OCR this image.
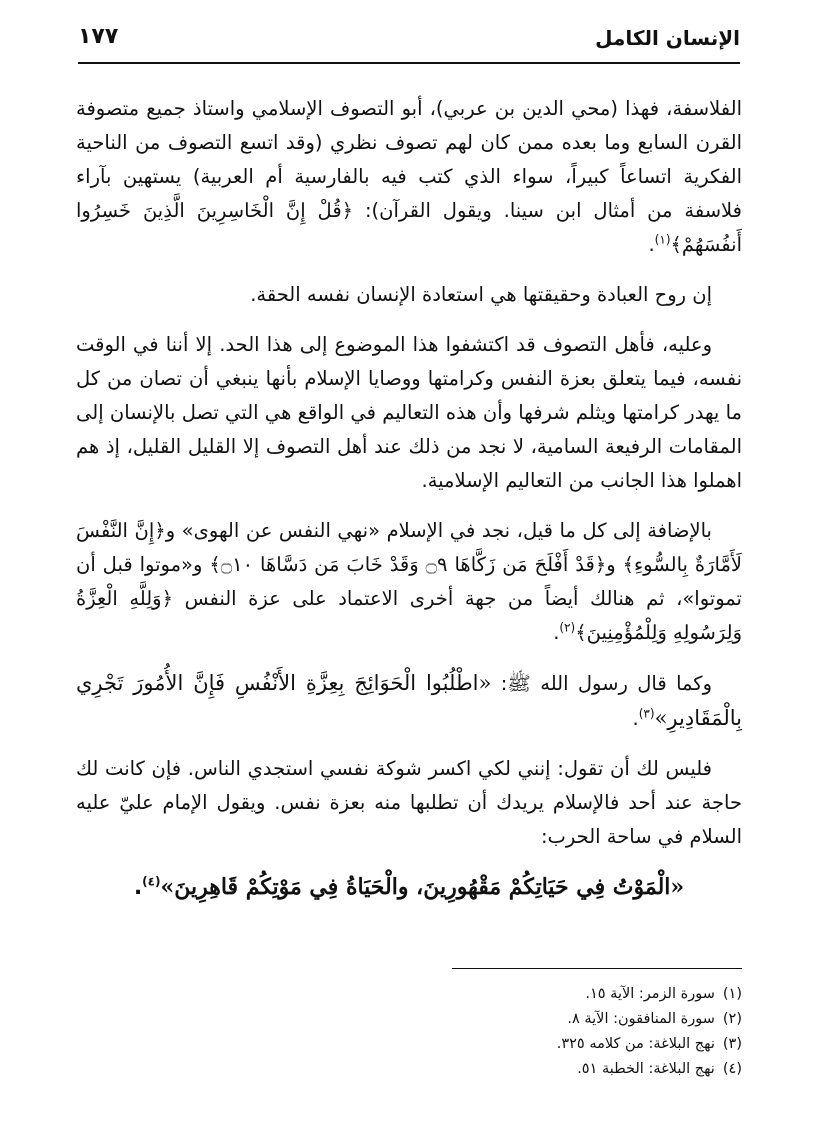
الإنسان الكامل
١٧٧

الفلاسفة، فهذا (محي الدين بن عربي)، أبو التصوف الإسلامي واستاذ جميع متصوفة القرن السابع وما بعده ممن كان لهم تصوف نظري (وقد اتسع التصوف من الناحية الفكرية اتساعاً كبيراً، سواء الذي كتب فيه بالفارسية أم العربية) يستهين بآراء فلاسفة من أمثال ابن سينا. ويقول القرآن): ﴿قُلْ إِنَّ الْخَاسِرِينَ الَّذِينَ خَسِرُوا أَنفُسَهُمْ﴾$^{(١)}$.

إن روح العبادة وحقيقتها هي استعادة الإنسان نفسه الحقة.

وعليه، فأهل التصوف قد اكتشفوا هذا الموضوع إلى هذا الحد. إلا أننا في الوقت نفسه، فيما يتعلق بعزة النفس وكرامتها ووصايا الإسلام بأنها ينبغي أن تصان من كل ما يهدر كرامتها ويثلم شرفها وأن هذه التعاليم في الواقع هي التي تصل بالإنسان إلى المقامات الرفيعة السامية، لا نجد من ذلك عند أهل التصوف إلا القليل القليل، إذ هم اهملوا هذا الجانب من التعاليم الإسلامية.

بالإضافة إلى كل ما قيل، نجد في الإسلام «نهي النفس عن الهوى» و﴿إِنَّ النَّفْسَ لَأَمَّارَةٌ بِالسُّوءِ﴾ و﴿قَدْ أَفْلَحَ مَن زَكَّاهَا ۝٩ وَقَدْ خَابَ مَن دَسَّاهَا ۝١٠﴾ و«موتوا قبل أن تموتوا»، ثم هنالك أيضاً من جهة أخرى الاعتماد على عزة النفس ﴿وَلِلَّهِ الْعِزَّةُ وَلِرَسُولِهِ وَلِلْمُؤْمِنِينَ﴾$^{(٢)}$.

وكما قال رسول الله ﷺ: «اطْلُبُوا الْحَوَائِجَ بِعِزَّةِ الأَنْفُسِ فَإِنَّ الأُمُورَ تَجْرِي بِالْمَقَادِيرِ»$^{(٣)}$.

فليس لك أن تقول: إنني لكي اكسر شوكة نفسي استجدي الناس. فإن كانت لك حاجة عند أحد فالإسلام يريدك أن تطلبها منه بعزة نفس. ويقول الإمام عليّ عليه السلام في ساحة الحرب:

«الْمَوْتُ فِي حَيَاتِكُمْ مَقْهُورِينَ، والْحَيَاةُ فِي مَوْتِكُمْ قَاهِرِينَ»$^{(٤)}$.
(١)سورة الزمر: الآية ١٥.
(٢)سورة المنافقون: الآية ٨.
(٣)نهج البلاغة: من كلامه ٣٢٥.
(٤)نهج البلاغة: الخطبة ٥١.
